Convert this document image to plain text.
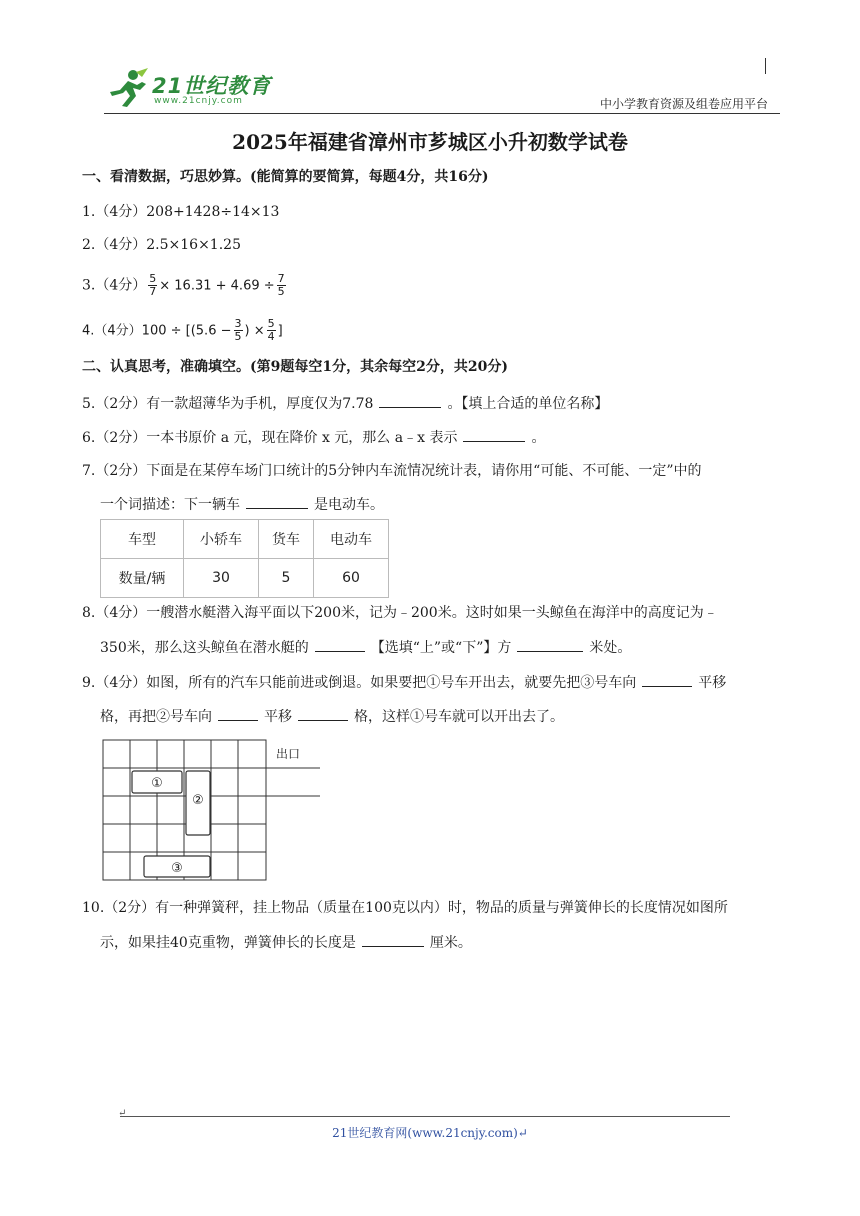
21世纪教育
www.21cnjy.com	中小学教育资源及组卷应用平台
2025年福建省漳州市芗城区小升初数学试卷
一、看清数据，巧思妙算。(能简算的要简算，每题4分，共16分)
1.（4分）208+1428÷14×13
2.（4分）2.5×16×1.25
3.（4分） $\frac{5}{7} \times 16.31 + 4.69 \div \frac{7}{5}$
4.（4分）$100 \div [(5.6 - \frac{3}{5}$ ) × $\frac{5}{4}$ ]
二、认真思考，准确填空。(第9题每空1分，其余每空2分，共20分)
5.（2分）有一款超薄华为手机，厚度仅为7.78	。【填上合适的单位名称】
6.（2分）一本书原价 a 元，现在降价 x 元，那么 a﹣x 表示	。
7.（2分）下面是在某停车场门口统计的5分钟内车流情况统计表，请你用“可能、不可能、一定”中的
一个词描述：下一辆车	是电动车。
车型	小轿车	货车	电动车
数量/辆	30	5	60
8.（4分）一艘潜水艇潜入海平面以下200米，记为﹣200米。这时如果一头鲸鱼在海洋中的高度记为﹣
350米，那么这头鲸鱼在潜水艇的	【选填“上”或“下”】方	米处。
9.（4分）如图，所有的汽车只能前进或倒退。如果要把①号车开出去，就要先把③号车向	平移
格，再把②号车向	平移	格，这样①号车就可以开出去了。
出口
①
②
③
10.（2分）有一种弹簧秤，挂上物品（质量在100克以内）时，物品的质量与弹簧伸长的长度情况如图所
示，如果挂40克重物，弹簧伸长的长度是	厘米。
↵
21世纪教育网(www.21cnjy.com)↵
